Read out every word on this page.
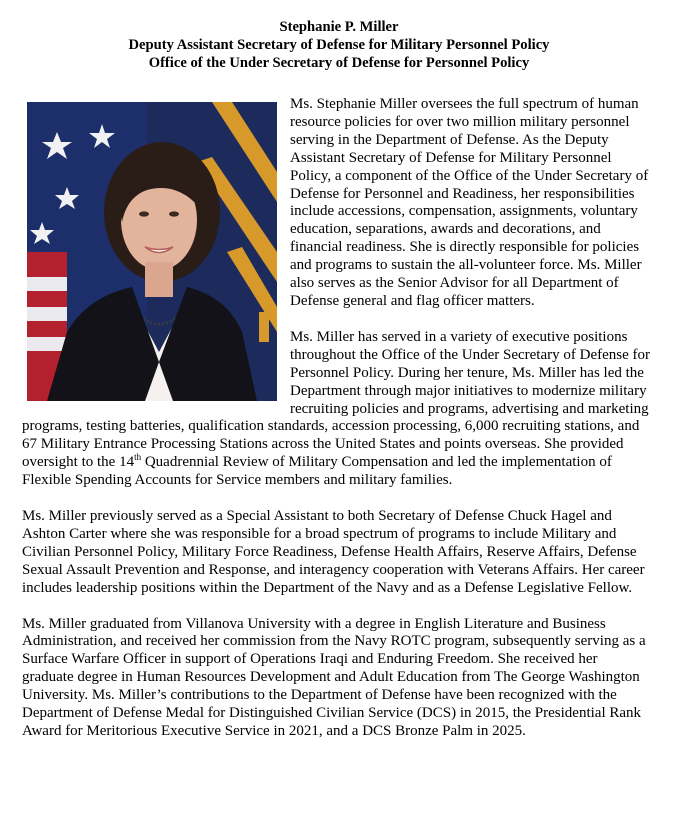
Stephanie P. Miller
Deputy Assistant Secretary of Defense for Military Personnel Policy
Office of the Under Secretary of Defense for Personnel Policy

Ms. Stephanie Miller oversees the full spectrum of human resource policies for over two million military personnel serving in the Department of Defense. As the Deputy Assistant Secretary of Defense for Military Personnel Policy, a component of the Office of the Under Secretary of Defense for Personnel and Readiness, her responsibilities include accessions, compensation, assignments, voluntary education, separations, awards and decorations, and financial readiness. She is directly responsible for policies and programs to sustain the all-volunteer force. Ms. Miller also serves as the Senior Advisor for all Department of Defense general and flag officer matters.

Ms. Miller has served in a variety of executive positions throughout the Office of the Under Secretary of Defense for Personnel Policy. During her tenure, Ms. Miller has led the Department through major initiatives to modernize military recruiting policies and programs, advertising and marketing programs, testing batteries, qualification standards, accession processing, 6,000 recruiting stations, and 67 Military Entrance Processing Stations across the United States and points overseas. She provided oversight to the 14th Quadrennial Review of Military Compensation and led the implementation of Flexible Spending Accounts for Service members and military families.

Ms. Miller previously served as a Special Assistant to both Secretary of Defense Chuck Hagel and Ashton Carter where she was responsible for a broad spectrum of programs to include Military and Civilian Personnel Policy, Military Force Readiness, Defense Health Affairs, Reserve Affairs, Defense Sexual Assault Prevention and Response, and interagency cooperation with Veterans Affairs. Her career includes leadership positions within the Department of the Navy and as a Defense Legislative Fellow.

Ms. Miller graduated from Villanova University with a degree in English Literature and Business Administration, and received her commission from the Navy ROTC program, subsequently serving as a Surface Warfare Officer in support of Operations Iraqi and Enduring Freedom. She received her graduate degree in Human Resources Development and Adult Education from The George Washington University. Ms. Miller’s contributions to the Department of Defense have been recognized with the Department of Defense Medal for Distinguished Civilian Service (DCS) in 2015, the Presidential Rank Award for Meritorious Executive Service in 2021, and a DCS Bronze Palm in 2025.
